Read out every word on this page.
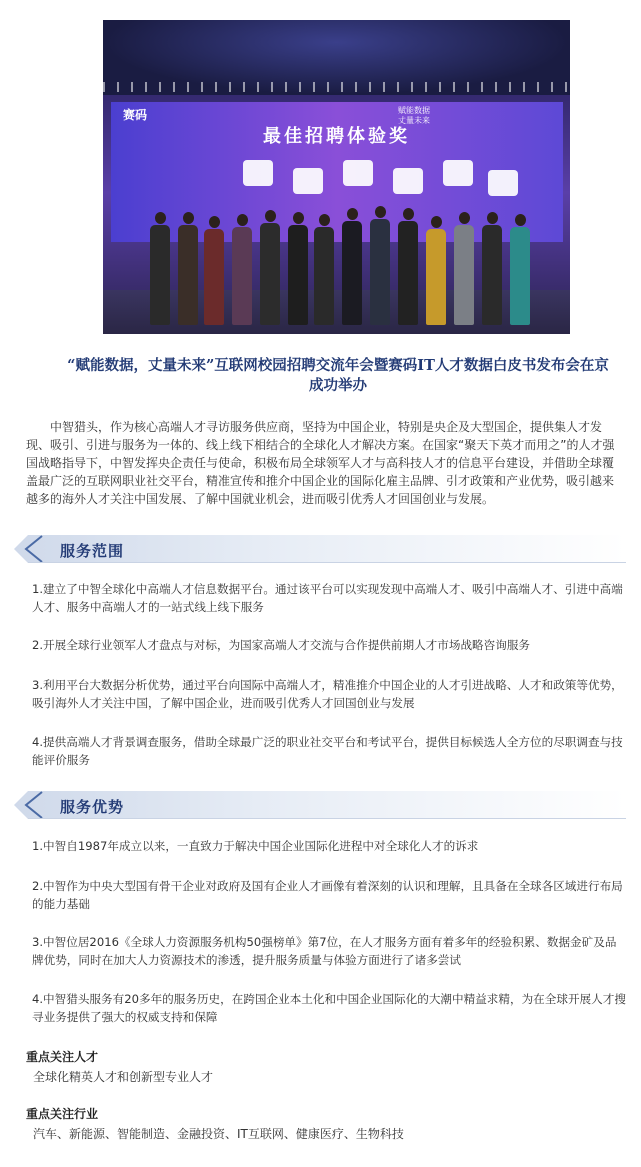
赛码	赋能数据
丈量未来
最佳招聘体验奖
“赋能数据，丈量未来”互联网校园招聘交流年会暨赛码IT人才数据白皮书发布会在京成功举办

中智猎头，作为核心高端人才寻访服务供应商，坚持为中国企业，特别是央企及大型国企，提供集人才发现、吸引、引进与服务为一体的、线上线下相结合的全球化人才解决方案。在国家“聚天下英才而用之”的人才强国战略指导下，中智发挥央企责任与使命，积极布局全球领军人才与高科技人才的信息平台建设，并借助全球覆盖最广泛的互联网职业社交平台，精准宣传和推介中国企业的国际化雇主品牌、引才政策和产业优势，吸引越来越多的海外人才关注中国发展、了解中国就业机会，进而吸引优秀人才回国创业与发展。

服务范围
1.建立了中智全球化中高端人才信息数据平台。通过该平台可以实现发现中高端人才、吸引中高端人才、引进中高端人才、服务中高端人才的一站式线上线下服务
2.开展全球行业领军人才盘点与对标，为国家高端人才交流与合作提供前期人才市场战略咨询服务
3.利用平台大数据分析优势，通过平台向国际中高端人才，精准推介中国企业的人才引进战略、人才和政策等优势，吸引海外人才关注中国，了解中国企业，进而吸引优秀人才回国创业与发展
4.提供高端人才背景调查服务，借助全球最广泛的职业社交平台和考试平台，提供目标候选人全方位的尽职调查与技能评价服务
服务优势
1.中智自1987年成立以来，一直致力于解决中国企业国际化进程中对全球化人才的诉求
2.中智作为中央大型国有骨干企业对政府及国有企业人才画像有着深刻的认识和理解，且具备在全球各区域进行布局的能力基础
3.中智位居2016《全球人力资源服务机构50强榜单》第7位，在人才服务方面有着多年的经验积累、数据金矿及品牌优势，同时在加大人力资源技术的渗透，提升服务质量与体验方面进行了诸多尝试
4.中智猎头服务有20多年的服务历史，在跨国企业本土化和中国企业国际化的大潮中精益求精，为在全球开展人才搜寻业务提供了强大的权威支持和保障
重点关注人才
全球化精英人才和创新型专业人才
重点关注行业
汽车、新能源、智能制造、金融投资、IT互联网、健康医疗、生物科技
